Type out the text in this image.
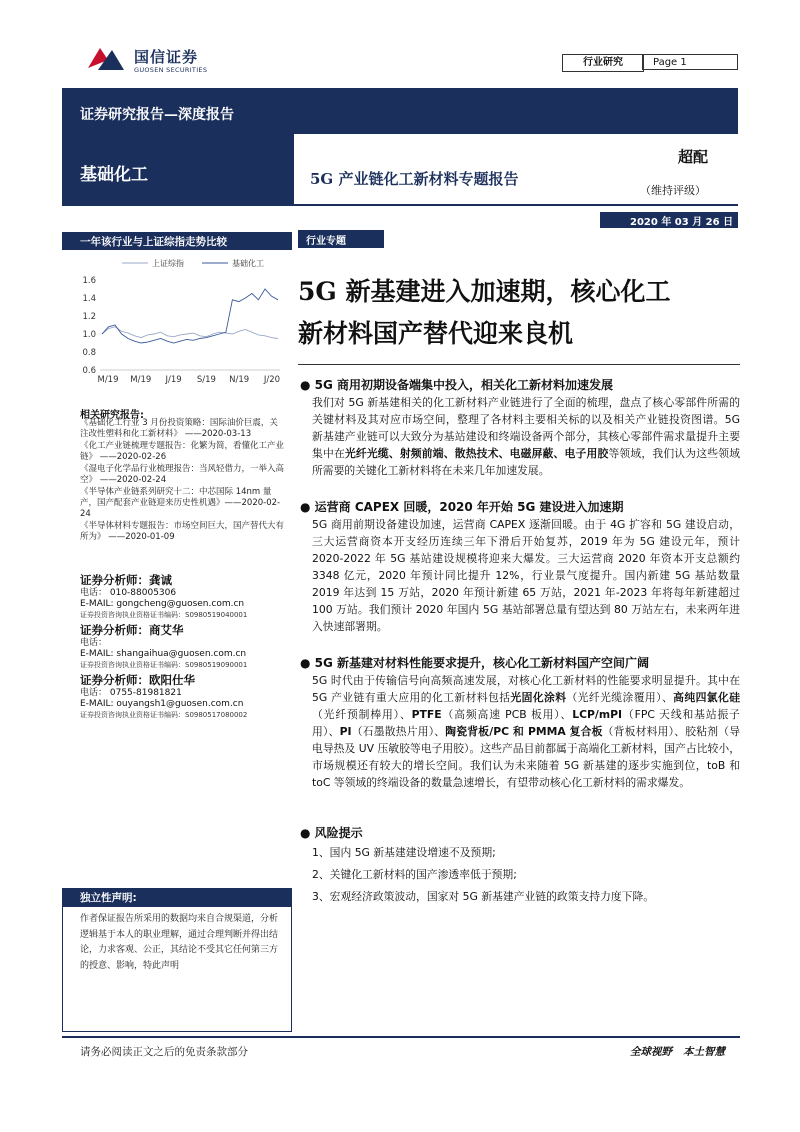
国信证券
GUOSEN SECURITIES
行业研究	Page 1
证券研究报告—深度报告
基础化工	5G 产业链化工新材料专题报告
超配
（维持评级）
2020 年 03 月 26 日
一年该行业与上证综指走势比较
上证综指	基础化工
1.6
1.4
1.2
1.0
0.8
0.6
M/19 M/19 J/19 S/19 N/19 J/20
相关研究报告:
《基础化工行业 3 月份投资策略：国际油价巨震，关注改性塑料和化工新材料》 ——2020-03-13
《化工产业链梳理专题报告：化繁为简，看懂化工产业链》 ——2020-02-26
《湿电子化学品行业梳理报告：当风轻借力，一举入高空》 ——2020-02-24
《半导体产业链系列研究十二：中芯国际 14nm 量产，国产配套产业链迎来历史性机遇》——2020-02-24
《半导体材料专题报告：市场空间巨大，国产替代大有所为》 ——2020-01-09
证券分析师：龚诚
电话： 010-88005306
E-MAIL: gongcheng@guosen.com.cn
证券投资咨询执业资格证书编码：S0980519040001
证券分析师：商艾华
电话：
E-MAIL: shangaihua@guosen.com.cn
证券投资咨询执业资格证书编码：S0980519090001
证券分析师：欧阳仕华
电话： 0755-81981821
E-MAIL: ouyangsh1@guosen.com.cn
证券投资咨询执业资格证书编码：S0980517080002
独立性声明:
作者保证报告所采用的数据均来自合规渠道，分析逻辑基于本人的职业理解，通过合理判断并得出结论，力求客观、公正，其结论不受其它任何第三方的授意、影响，特此声明
行业专题
5G 新基建进入加速期，核心化工
新材料国产替代迎来良机
● 5G 商用初期设备端集中投入，相关化工新材料加速发展
我们对 5G 新基建相关的化工新材料产业链进行了全面的梳理，盘点了核心零部件所需的关键材料及其对应市场空间，整理了各材料主要相关标的以及相关产业链投资图谱。5G 新基建产业链可以大致分为基站建设和终端设备两个部分，其核心零部件需求量提升主要集中在光纤光缆、射频前端、散热技术、电磁屏蔽、电子用胶等领域，我们认为这些领域所需要的关键化工新材料将在未来几年加速发展。
● 运营商 CAPEX 回暖，2020 年开始 5G 建设进入加速期
5G 商用前期设备建设加速，运营商 CAPEX 逐渐回暖。由于 4G 扩容和 5G 建设启动，三大运营商资本开支经历连续三年下滑后开始复苏，2019 年为 5G 建设元年，预计 2020-2022 年 5G 基站建设规模将迎来大爆发。三大运营商 2020 年资本开支总额约 3348 亿元，2020 年预计同比提升 12%，行业景气度提升。国内新建 5G 基站数量 2019 年达到 15 万站，2020 年预计新建 65 万站，2021 年-2023 年将每年新建超过 100 万站。我们预计 2020 年国内 5G 基站部署总量有望达到 80 万站左右，未来两年进入快速部署期。
● 5G 新基建对材料性能要求提升，核心化工新材料国产空间广阔
5G 时代由于传输信号向高频高速发展，对核心化工新材料的性能要求明显提升。其中在 5G 产业链有重大应用的化工新材料包括光固化涂料（光纤光缆涂覆用）、高纯四氯化硅（光纤预制棒用）、PTFE（高频高速 PCB 板用）、LCP/mPI（FPC 天线和基站振子用）、PI（石墨散热片用）、陶瓷背板/PC 和 PMMA 复合板（背板材料用）、胶粘剂（导电导热及 UV 压敏胶等电子用胶）。这些产品目前都属于高端化工新材料，国产占比较小，市场规模还有较大的增长空间。我们认为未来随着 5G 新基建的逐步实施到位，toB 和 toC 等领域的终端设备的数量急速增长，有望带动核心化工新材料的需求爆发。
● 风险提示
1、国内 5G 新基建建设增速不及预期;
2、关键化工新材料的国产渗透率低于预期;
3、宏观经济政策波动，国家对 5G 新基建产业链的政策支持力度下降。
请务必阅读正文之后的免责条款部分	全球视野   本土智慧
